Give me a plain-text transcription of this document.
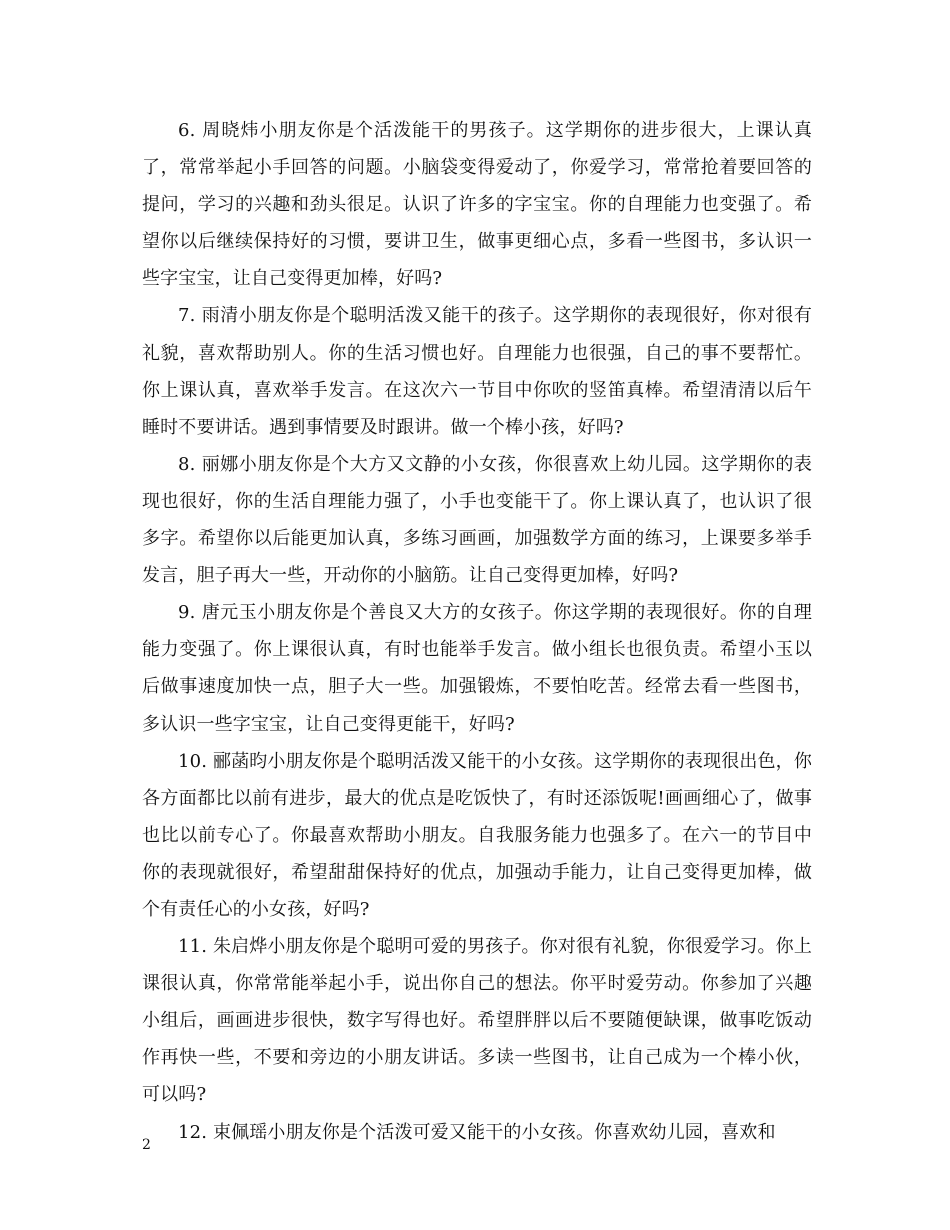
6. 周晓炜小朋友你是个活泼能干的男孩子。这学期你的进步很大，上课认真了，常常举起小手回答的问题。小脑袋变得爱动了，你爱学习，常常抢着要回答的提问，学习的兴趣和劲头很足。认识了许多的字宝宝。你的自理能力也变强了。希望你以后继续保持好的习惯，要讲卫生，做事更细心点，多看一些图书，多认识一些字宝宝，让自己变得更加棒，好吗?

7. 雨清小朋友你是个聪明活泼又能干的孩子。这学期你的表现很好，你对很有礼貌，喜欢帮助别人。你的生活习惯也好。自理能力也很强，自己的事不要帮忙。你上课认真，喜欢举手发言。在这次六一节目中你吹的竖笛真棒。希望清清以后午睡时不要讲话。遇到事情要及时跟讲。做一个棒小孩，好吗?

8. 丽娜小朋友你是个大方又文静的小女孩，你很喜欢上幼儿园。这学期你的表现也很好，你的生活自理能力强了，小手也变能干了。你上课认真了，也认识了很多字。希望你以后能更加认真，多练习画画，加强数学方面的练习，上课要多举手发言，胆子再大一些，开动你的小脑筋。让自己变得更加棒，好吗?

9. 唐元玉小朋友你是个善良又大方的女孩子。你这学期的表现很好。你的自理能力变强了。你上课很认真，有时也能举手发言。做小组长也很负责。希望小玉以后做事速度加快一点，胆子大一些。加强锻炼，不要怕吃苦。经常去看一些图书，多认识一些字宝宝，让自己变得更能干，好吗?

10. 郦菡昀小朋友你是个聪明活泼又能干的小女孩。这学期你的表现很出色，你各方面都比以前有进步，最大的优点是吃饭快了，有时还添饭呢!画画细心了，做事也比以前专心了。你最喜欢帮助小朋友。自我服务能力也强多了。在六一的节目中你的表现就很好，希望甜甜保持好的优点，加强动手能力，让自己变得更加棒，做个有责任心的小女孩，好吗?

11. 朱启烨小朋友你是个聪明可爱的男孩子。你对很有礼貌，你很爱学习。你上课很认真，你常常能举起小手，说出你自己的想法。你平时爱劳动。你参加了兴趣小组后，画画进步很快，数字写得也好。希望胖胖以后不要随便缺课，做事吃饭动作再快一些，不要和旁边的小朋友讲话。多读一些图书，让自己成为一个棒小伙，可以吗?

12. 束佩瑶小朋友你是个活泼可爱又能干的小女孩。你喜欢幼儿园，喜欢和

2
